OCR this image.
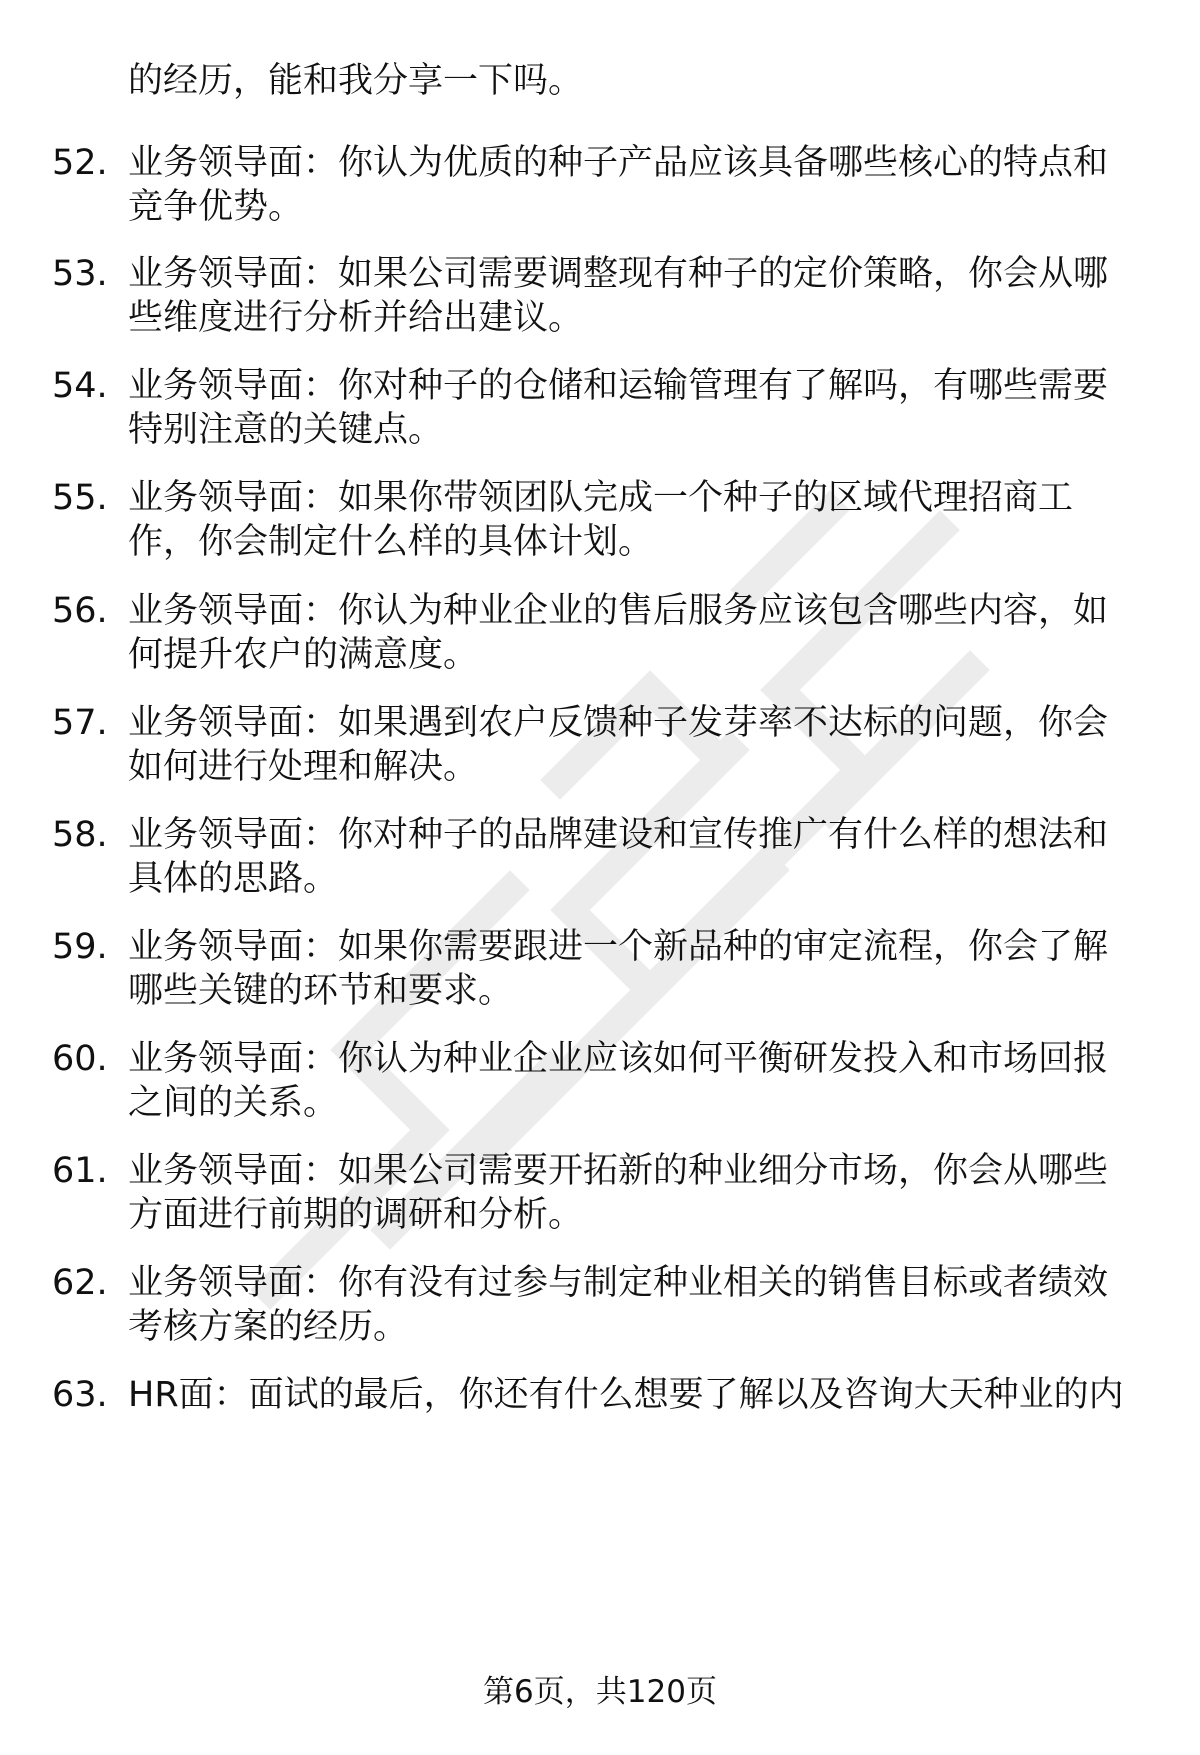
的经历，能和我分享一下吗。
52. 业务领导面：你认为优质的种子产品应该具备哪些核心的特点和
竞争优势。
53. 业务领导面：如果公司需要调整现有种子的定价策略，你会从哪
些维度进行分析并给出建议。
54. 业务领导面：你对种子的仓储和运输管理有了解吗，有哪些需要
特别注意的关键点。
55. 业务领导面：如果你带领团队完成一个种子的区域代理招商工
作，你会制定什么样的具体计划。
56. 业务领导面：你认为种业企业的售后服务应该包含哪些内容，如
何提升农户的满意度。
57. 业务领导面：如果遇到农户反馈种子发芽率不达标的问题，你会
如何进行处理和解决。
58. 业务领导面：你对种子的品牌建设和宣传推广有什么样的想法和
具体的思路。
59. 业务领导面：如果你需要跟进一个新品种的审定流程，你会了解
哪些关键的环节和要求。
60. 业务领导面：你认为种业企业应该如何平衡研发投入和市场回报
之间的关系。
61. 业务领导面：如果公司需要开拓新的种业细分市场，你会从哪些
方面进行前期的调研和分析。
62. 业务领导面：你有没有过参与制定种业相关的销售目标或者绩效
考核方案的经历。
63. HR面：面试的最后，你还有什么想要了解以及咨询大天种业的内
第6页，共120页
